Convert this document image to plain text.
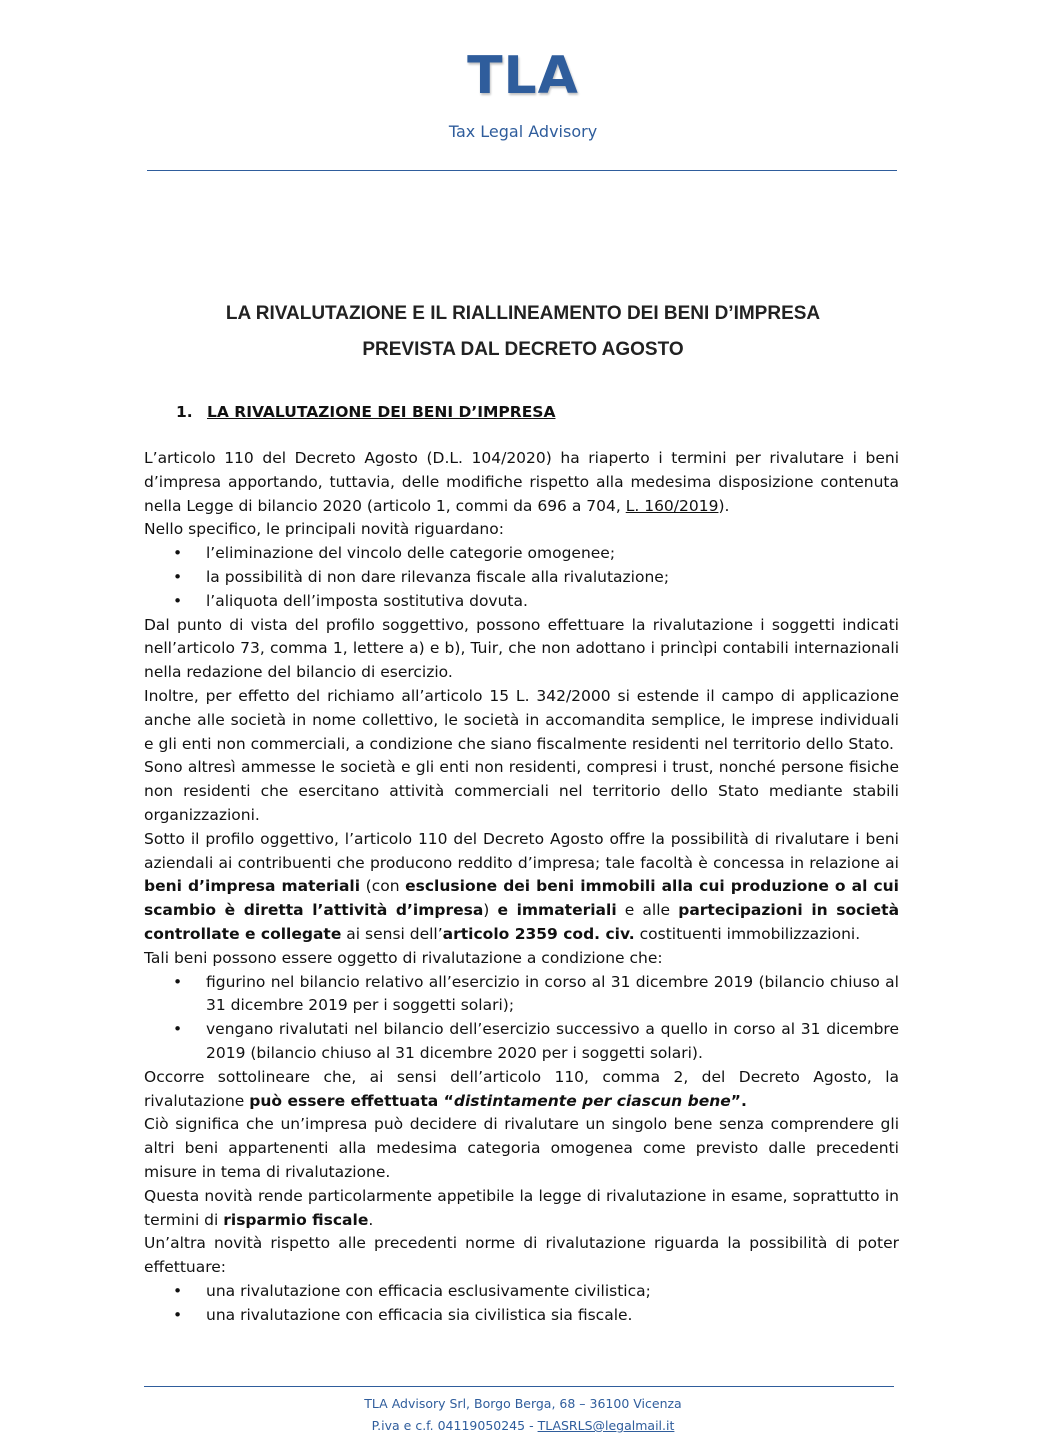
TLA
Tax Legal Advisory
LA RIVALUTAZIONE E IL RIALLINEAMENTO DEI BENI D’IMPRESA
PREVISTA DAL DECRETO AGOSTO
1. LA RIVALUTAZIONE DEI BENI D’IMPRESA

L’articolo 110 del Decreto Agosto (D.L. 104/2020) ha riaperto i termini per rivalutare i beni d’impresa apportando, tuttavia, delle modifiche rispetto alla medesima disposizione contenuta nella Legge di bilancio 2020 (articolo 1, commi da 696 a 704, L. 160/2019).

Nello specifico, le principali novità riguardano:

• l’eliminazione del vincolo delle categorie omogenee;
• la possibilità di non dare rilevanza fiscale alla rivalutazione;
• l’aliquota dell’imposta sostitutiva dovuta.

Dal punto di vista del profilo soggettivo, possono effettuare la rivalutazione i soggetti indicati nell’articolo 73, comma 1, lettere a) e b), Tuir, che non adottano i princìpi contabili internazionali nella redazione del bilancio di esercizio.

Inoltre, per effetto del richiamo all’articolo 15 L. 342/2000 si estende il campo di applicazione anche alle società in nome collettivo, le società in accomandita semplice, le imprese individuali e gli enti non commerciali, a condizione che siano fiscalmente residenti nel territorio dello Stato.

Sono altresì ammesse le società e gli enti non residenti, compresi i trust, nonché persone fisiche non residenti che esercitano attività commerciali nel territorio dello Stato mediante stabili organizzazioni.

Sotto il profilo oggettivo, l’articolo 110 del Decreto Agosto offre la possibilità di rivalutare i beni aziendali ai contribuenti che producono reddito d’impresa; tale facoltà è concessa in relazione ai beni d’impresa materiali (con esclusione dei beni immobili alla cui produzione o al cui scambio è diretta l’attività d’impresa) e immateriali e alle partecipazioni in società controllate e collegate ai sensi dell’articolo 2359 cod. civ. costituenti immobilizzazioni.

Tali beni possono essere oggetto di rivalutazione a condizione che:

• figurino nel bilancio relativo all’esercizio in corso al 31 dicembre 2019 (bilancio chiuso al 31 dicembre 2019 per i soggetti solari);
• vengano rivalutati nel bilancio dell’esercizio successivo a quello in corso al 31 dicembre 2019 (bilancio chiuso al 31 dicembre 2020 per i soggetti solari).

Occorre sottolineare che, ai sensi dell’articolo 110, comma 2, del Decreto Agosto, la rivalutazione può essere effettuata “distintamente per ciascun bene”.

Ciò significa che un’impresa può decidere di rivalutare un singolo bene senza comprendere gli altri beni appartenenti alla medesima categoria omogenea come previsto dalle precedenti misure in tema di rivalutazione.

Questa novità rende particolarmente appetibile la legge di rivalutazione in esame, soprattutto in termini di risparmio fiscale.

Un’altra novità rispetto alle precedenti norme di rivalutazione riguarda la possibilità di poter effettuare:

• una rivalutazione con efficacia esclusivamente civilistica;
• una rivalutazione con efficacia sia civilistica sia fiscale.
TLA Advisory Srl, Borgo Berga, 68 – 36100 Vicenza
P.iva e c.f. 04119050245 - TLASRLS@legalmail.it
